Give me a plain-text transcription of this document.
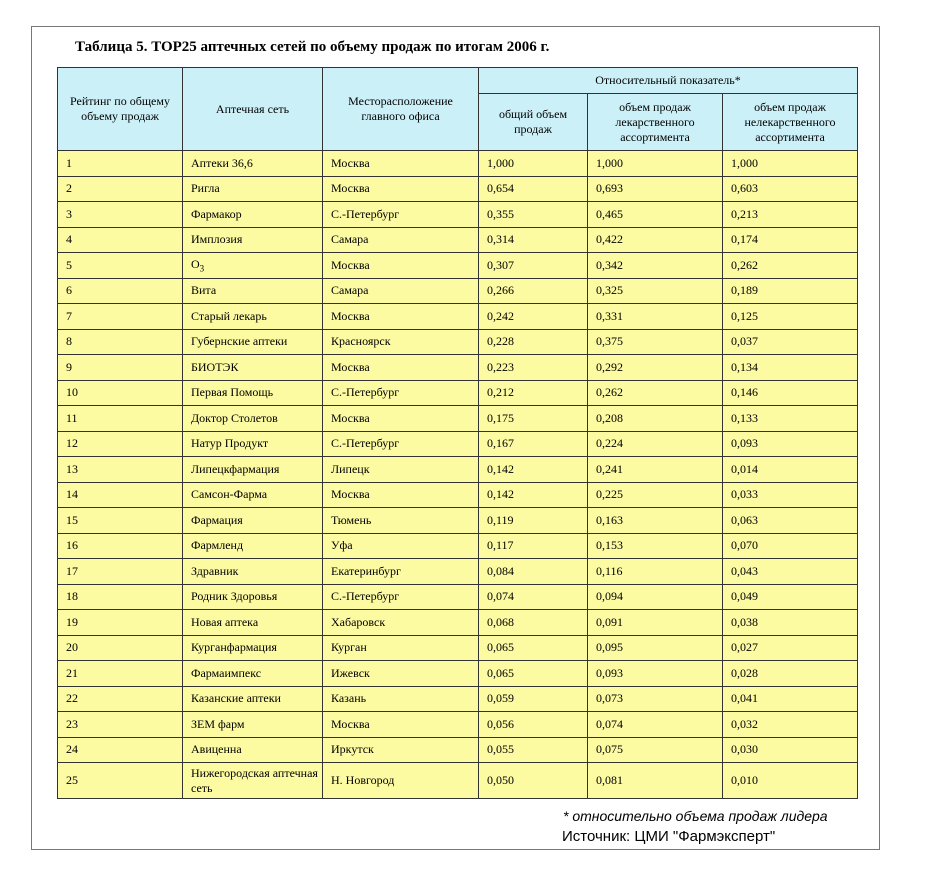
Таблица 5. TOP25 аптечных сетей по объему продаж по итогам 2006 г.
Рейтинг по общему объему продаж	Аптечная сеть	Месторасположение главного офиса	Относительный показатель*		
			общий объем продаж	объем продаж лекарственного ассортимента	объем продаж нелекарственного ассортимента
1	Аптеки 36,6	Москва	1,000	1,000	1,000
2	Ригла	Москва	0,654	0,693	0,603
3	Фармакор	С.-Петербург	0,355	0,465	0,213
4	Имплозия	Самара	0,314	0,422	0,174
5	$O_3$	Москва	0,307	0,342	0,262
6	Вита	Самара	0,266	0,325	0,189
7	Старый лекарь	Москва	0,242	0,331	0,125
8	Губернские аптеки	Красноярск	0,228	0,375	0,037
9	БИОТЭК	Москва	0,223	0,292	0,134
10	Первая Помощь	С.-Петербург	0,212	0,262	0,146
11	Доктор Столетов	Москва	0,175	0,208	0,133
12	Натур Продукт	С.-Петербург	0,167	0,224	0,093
13	Липецкфармация	Липецк	0,142	0,241	0,014
14	Самсон-Фарма	Москва	0,142	0,225	0,033
15	Фармация	Тюмень	0,119	0,163	0,063
16	Фармленд	Уфа	0,117	0,153	0,070
17	Здравник	Екатеринбург	0,084	0,116	0,043
18	Родник Здоровья	С.-Петербург	0,074	0,094	0,049
19	Новая аптека	Хабаровск	0,068	0,091	0,038
20	Курганфармация	Курган	0,065	0,095	0,027
21	Фармаимпекс	Ижевск	0,065	0,093	0,028
22	Казанские аптеки	Казань	0,059	0,073	0,041
23	ЗЕМ фарм	Москва	0,056	0,074	0,032
24	Авиценна	Иркутск	0,055	0,075	0,030
25	Нижегородская аптечная сеть	Н. Новгород	0,050	0,081	0,010
* относительно объема продаж лидера
Источник: ЦМИ "Фармэксперт"
